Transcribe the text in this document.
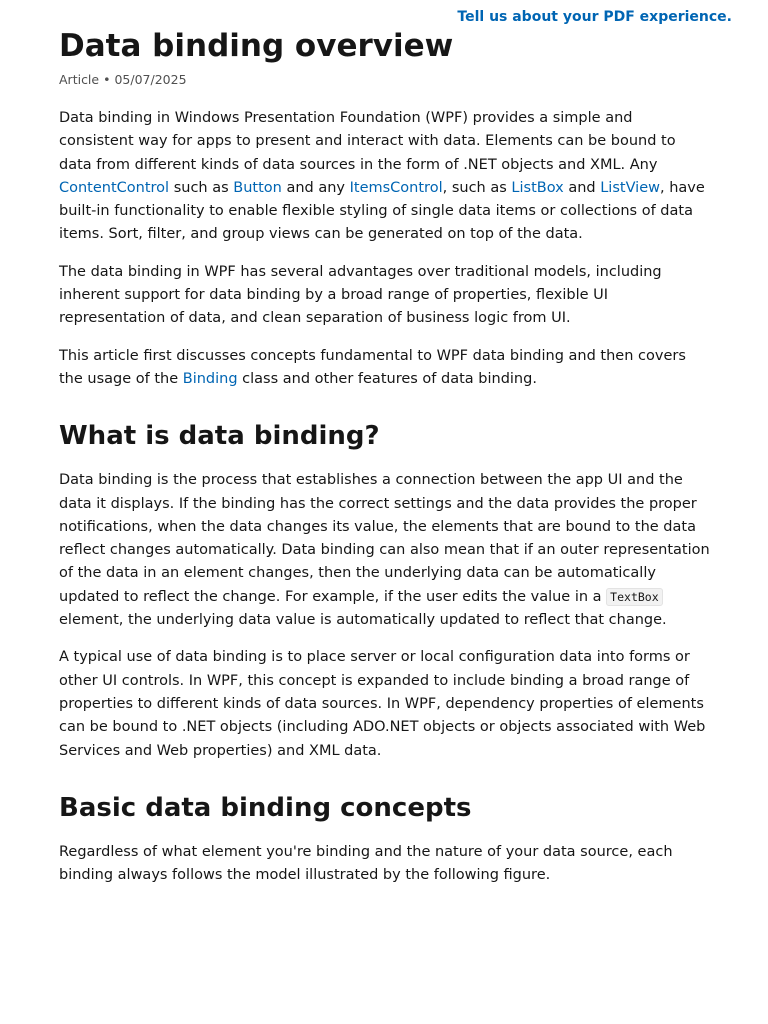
Tell us about your PDF experience.
Data binding overview
Article • 05/07/2025

Data binding in Windows Presentation Foundation (WPF) provides a simple and consistent way for apps to present and interact with data. Elements can be bound to data from different kinds of data sources in the form of .NET objects and XML. Any ContentControl such as Button and any ItemsControl, such as ListBox and ListView, have built-in functionality to enable flexible styling of single data items or collections of data items. Sort, filter, and group views can be generated on top of the data.

The data binding in WPF has several advantages over traditional models, including inherent support for data binding by a broad range of properties, flexible UI representation of data, and clean separation of business logic from UI.

This article first discusses concepts fundamental to WPF data binding and then covers the usage of the Binding class and other features of data binding.

What is data binding?

Data binding is the process that establishes a connection between the app UI and the data it displays. If the binding has the correct settings and the data provides the proper notifications, when the data changes its value, the elements that are bound to the data reflect changes automatically. Data binding can also mean that if an outer representation of the data in an element changes, then the underlying data can be automatically updated to reflect the change. For example, if the user edits the value in a TextBox element, the underlying data value is automatically updated to reflect that change.

A typical use of data binding is to place server or local configuration data into forms or other UI controls. In WPF, this concept is expanded to include binding a broad range of properties to different kinds of data sources. In WPF, dependency properties of elements can be bound to .NET objects (including ADO.NET objects or objects associated with Web Services and Web properties) and XML data.

Basic data binding concepts

Regardless of what element you're binding and the nature of your data source, each binding always follows the model illustrated by the following figure.
